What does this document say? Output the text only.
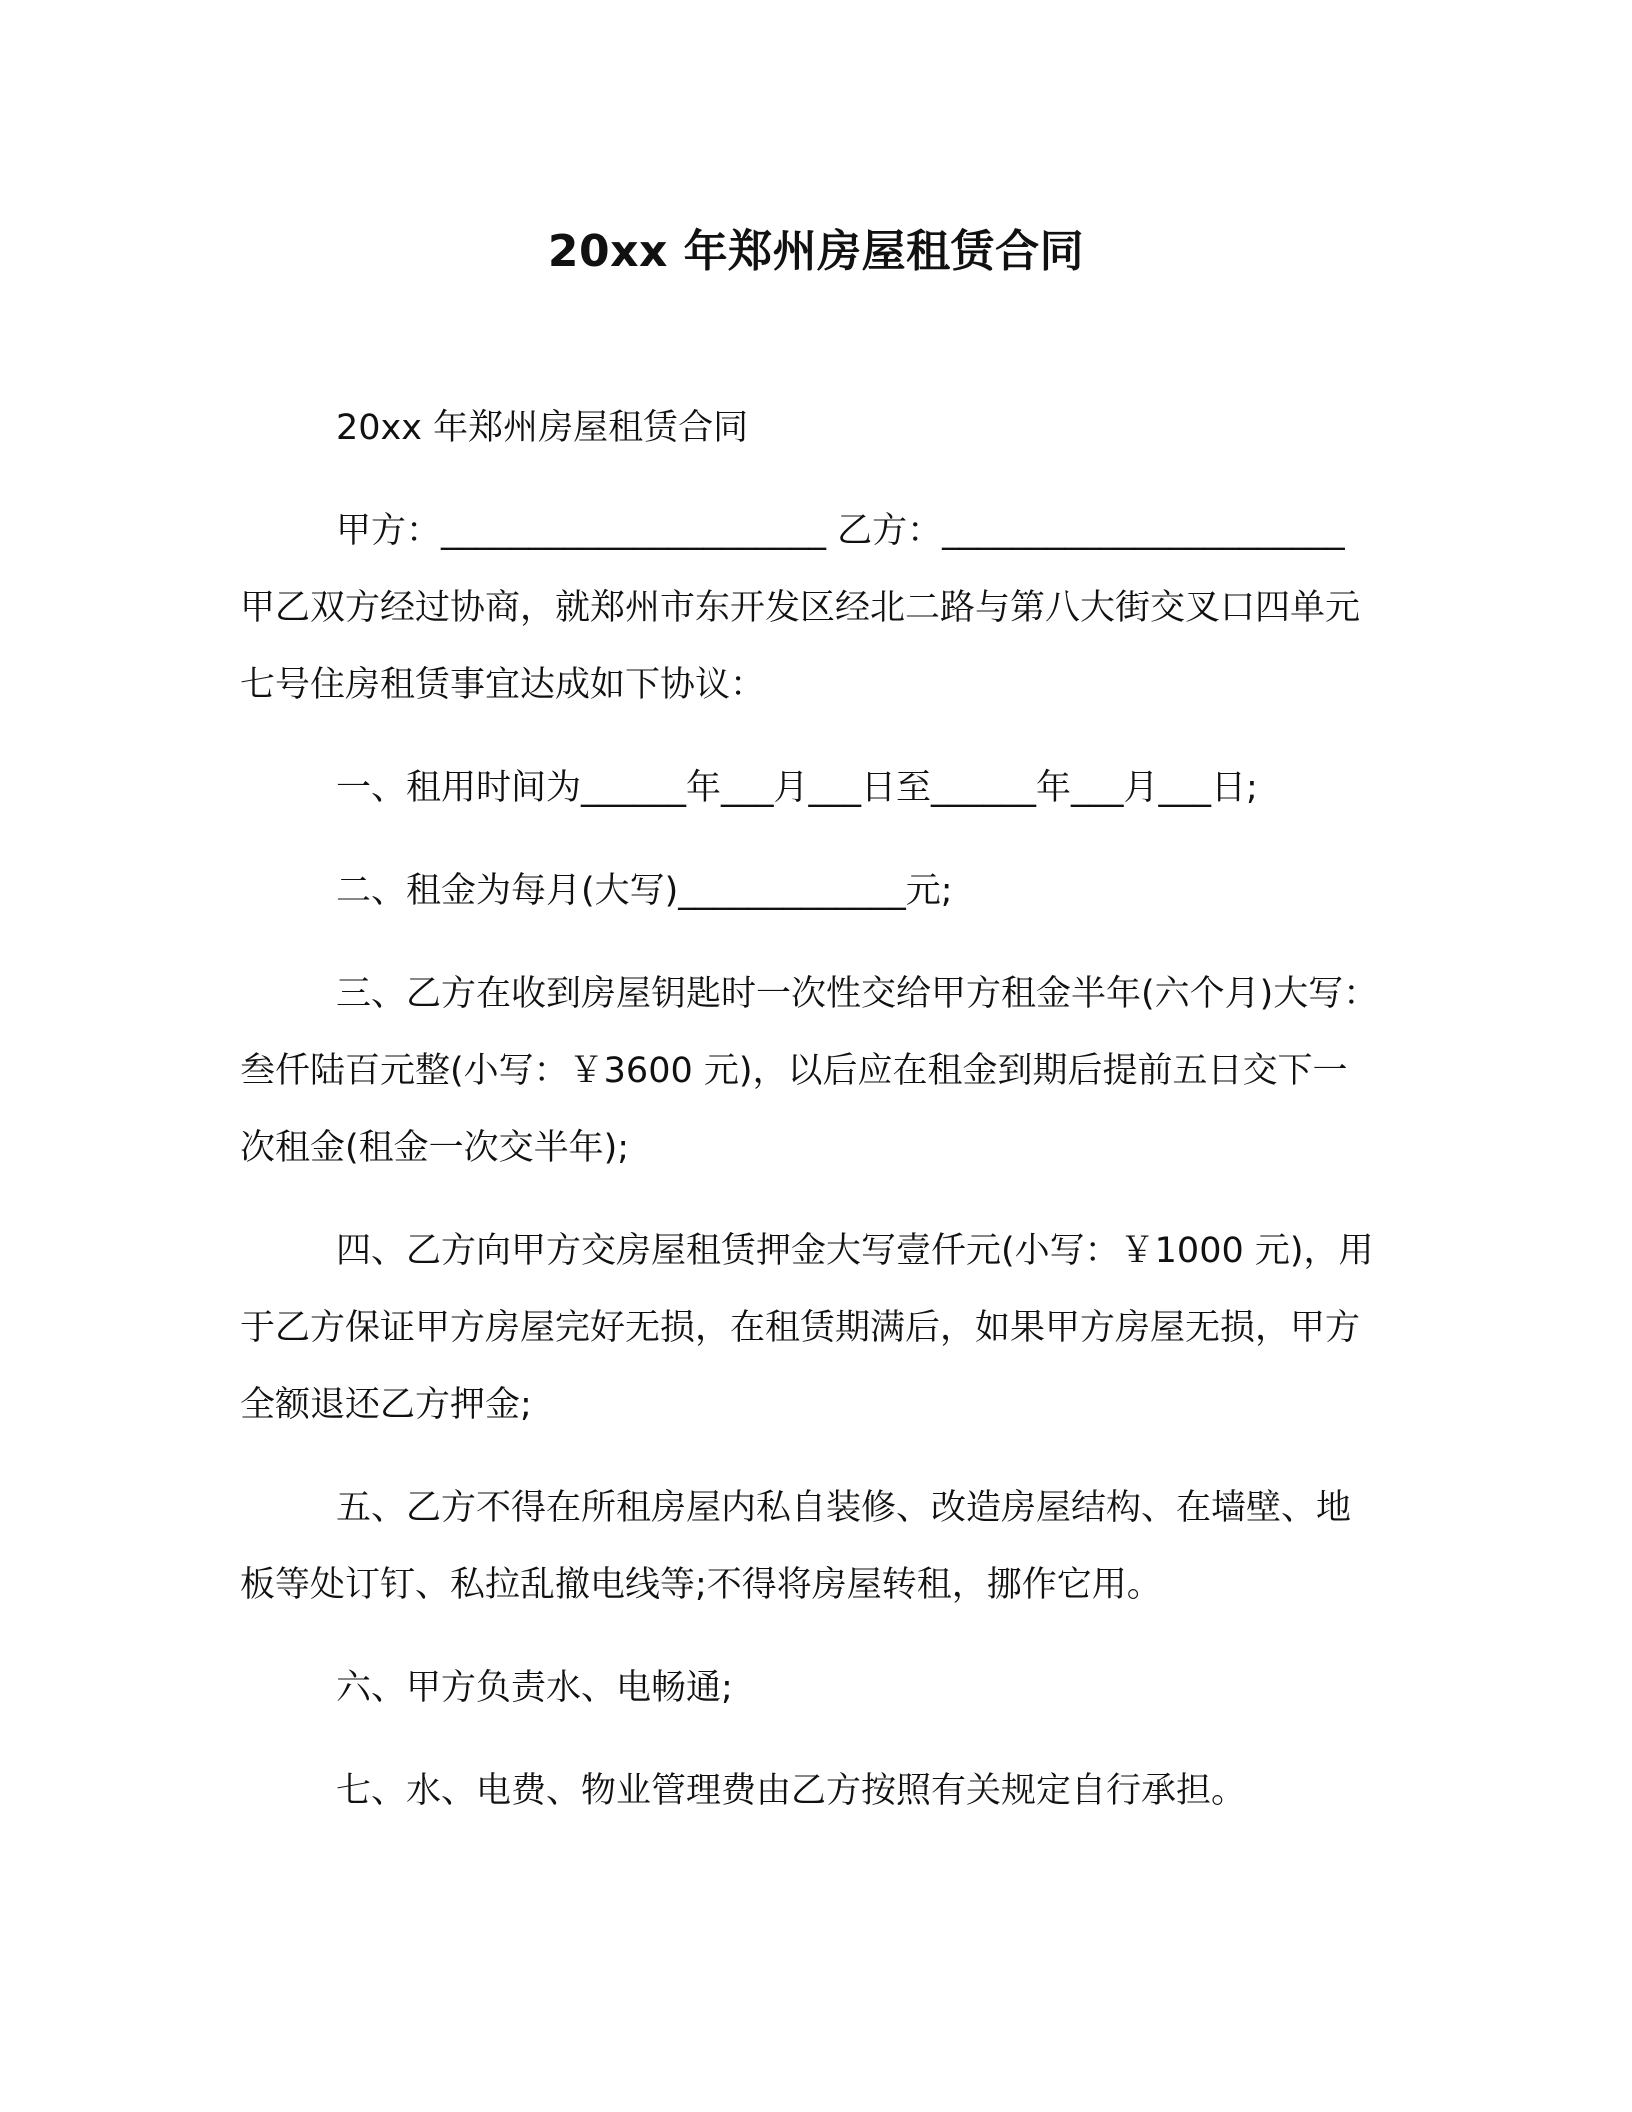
20xx 年郑州房屋租赁合同

20xx 年郑州房屋租赁合同

甲方：______________________ 乙方：_______________________ 甲乙双方经过协商，就郑州市东开发区经北二路与第八大街交叉口四单元七号住房租赁事宜达成如下协议：

一、租用时间为______年___月___日至______年___月___日;

二、租金为每月(大写)_____________元;

三、乙方在收到房屋钥匙时一次性交给甲方租金半年(六个月)大写：叁仟陆百元整(小写：￥3600 元)，以后应在租金到期后提前五日交下一次租金(租金一次交半年);

四、乙方向甲方交房屋租赁押金大写壹仟元(小写：￥1000 元)，用于乙方保证甲方房屋完好无损，在租赁期满后，如果甲方房屋无损，甲方全额退还乙方押金;

五、乙方不得在所租房屋内私自装修、改造房屋结构、在墙壁、地板等处订钉、私拉乱撤电线等;不得将房屋转租，挪作它用。

六、甲方负责水、电畅通;

七、水、电费、物业管理费由乙方按照有关规定自行承担。
